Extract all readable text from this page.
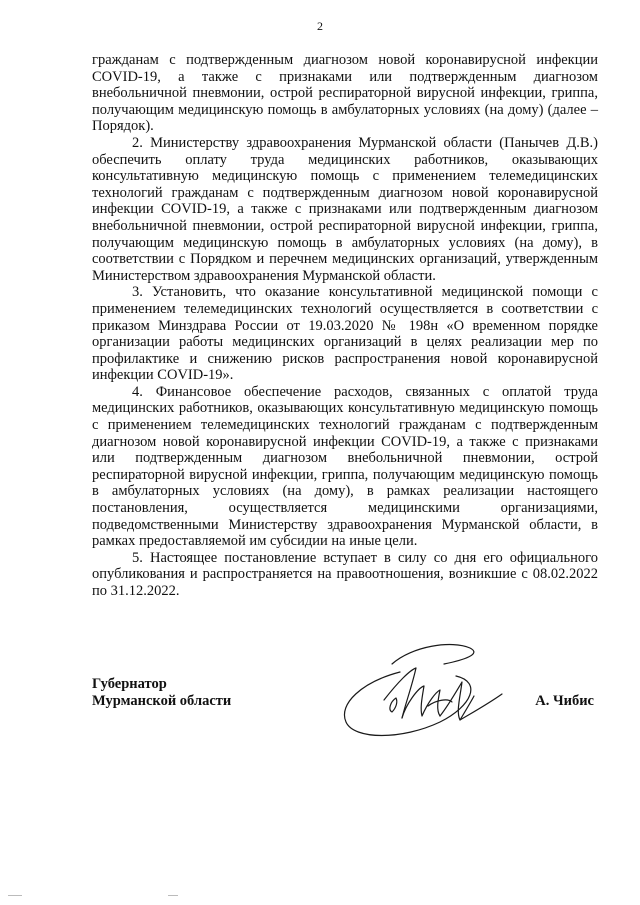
2

гражданам с подтвержденным диагнозом новой коронавирусной инфекции COVID-19, а также с признаками или подтвержденным диагнозом внебольничной пневмонии, острой респираторной вирусной инфекции, гриппа, получающим медицинскую помощь в амбулаторных условиях (на дому) (далее – Порядок).

2. Министерству здравоохранения Мурманской области (Панычев Д.В.) обеспечить оплату труда медицинских работников, оказывающих консультативную медицинскую помощь с применением телемедицинских технологий гражданам с подтвержденным диагнозом новой коронавирусной инфекции COVID-19, а также с признаками или подтвержденным диагнозом внебольничной пневмонии, острой респираторной вирусной инфекции, гриппа, получающим медицинскую помощь в амбулаторных условиях (на дому), в соответствии с Порядком и перечнем медицинских организаций, утвержденным Министерством здравоохранения Мурманской области.

3. Установить, что оказание консультативной медицинской помощи с применением телемедицинских технологий осуществляется в соответствии с приказом Минздрава России от 19.03.2020 № 198н «О временном порядке организации работы медицинских организаций в целях реализации мер по профилактике и снижению рисков распространения новой коронавирусной инфекции COVID-19».

4. Финансовое обеспечение расходов, связанных с оплатой труда медицинских работников, оказывающих консультативную медицинскую помощь с применением телемедицинских технологий гражданам с подтвержденным диагнозом новой коронавирусной инфекции COVID-19, а также с признаками или подтвержденным диагнозом внебольничной пневмонии, острой респираторной вирусной инфекции, гриппа, получающим медицинскую помощь в амбулаторных условиях (на дому), в рамках реализации настоящего постановления, осуществляется медицинскими организациями, подведомственными Министерству здравоохранения Мурманской области, в рамках предоставляемой им субсидии на иные цели.

5. Настоящее постановление вступает в силу со дня его официального опубликования и распространяется на правоотношения, возникшие с 08.02.2022 по 31.12.2022.

Губернатор
Мурманской области	А. Чибис
